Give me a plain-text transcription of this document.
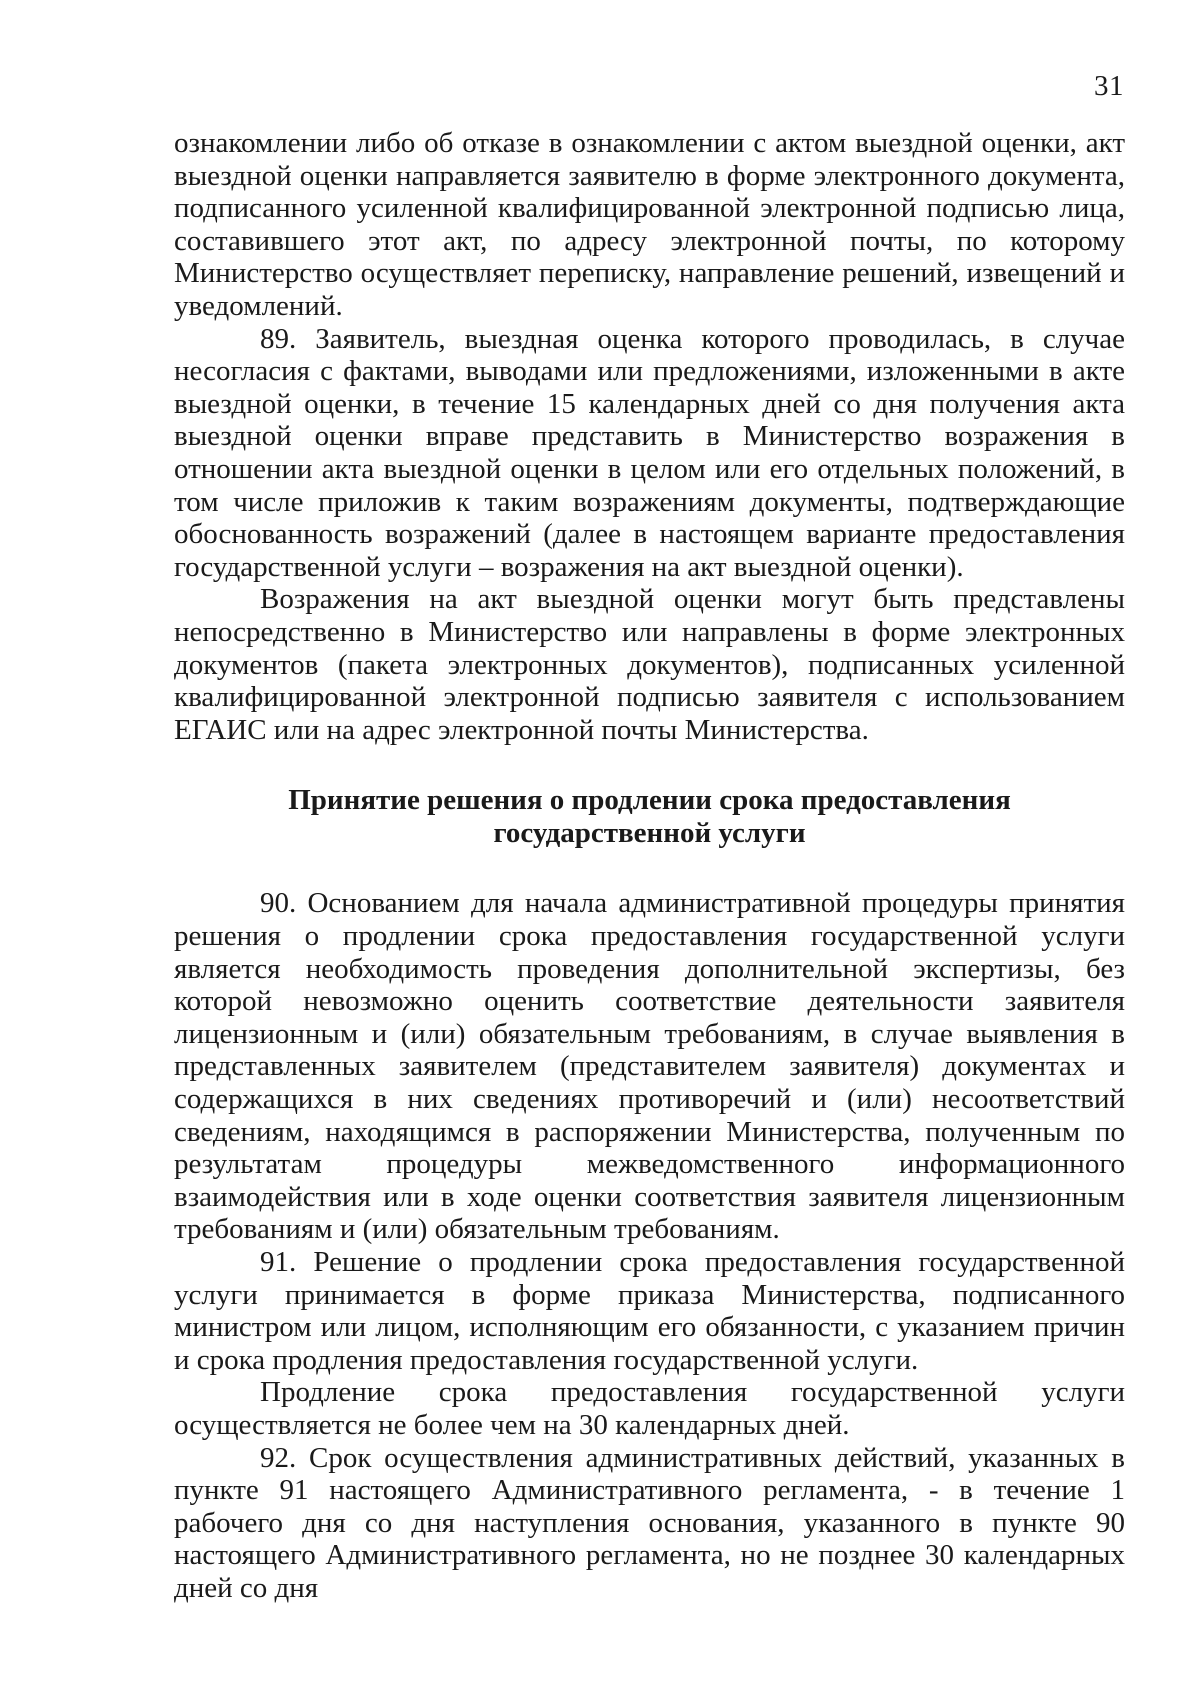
31

ознакомлении либо об отказе в ознакомлении с актом выездной оценки, акт выездной оценки направляется заявителю в форме электронного документа, подписанного усиленной квалифицированной электронной подписью лица, составившего этот акт, по адресу электронной почты, по которому Министерство осуществляет переписку, направление решений, извещений и уведомлений.

89. Заявитель, выездная оценка которого проводилась, в случае несогласия с фактами, выводами или предложениями, изложенными в акте выездной оценки, в течение 15 календарных дней со дня получения акта выездной оценки вправе представить в Министерство возражения в отношении акта выездной оценки в целом или его отдельных положений, в том числе приложив к таким возражениям документы, подтверждающие обоснованность возражений (далее в настоящем варианте предоставления государственной услуги – возражения на акт выездной оценки).

Возражения на акт выездной оценки могут быть представлены непосредственно в Министерство или направлены в форме электронных документов (пакета электронных документов), подписанных усиленной квалифицированной электронной подписью заявителя с использованием ЕГАИС или на адрес электронной почты Министерства.

Принятие решения о продлении срока предоставления
государственной услуги

90. Основанием для начала административной процедуры принятия решения о продлении срока предоставления государственной услуги является необходимость проведения дополнительной экспертизы, без которой невозможно оценить соответствие деятельности заявителя лицензионным и (или) обязательным требованиям, в случае выявления в представленных заявителем (представителем заявителя) документах и содержащихся в них сведениях противоречий и (или) несоответствий сведениям, находящимся в распоряжении Министерства, полученным по результатам процедуры межведомственного информационного взаимодействия или в ходе оценки соответствия заявителя лицензионным требованиям и (или) обязательным требованиям.

91. Решение о продлении срока предоставления государственной услуги принимается в форме приказа Министерства, подписанного министром или лицом, исполняющим его обязанности, с указанием причин и срока продления предоставления государственной услуги.

Продление срока предоставления государственной услуги осуществляется не более чем на 30 календарных дней.

92. Срок осуществления административных действий, указанных в пункте 91 настоящего Административного регламента, - в течение 1 рабочего дня со дня наступления основания, указанного в пункте 90 настоящего Административного регламента, но не позднее 30 календарных дней со дня
